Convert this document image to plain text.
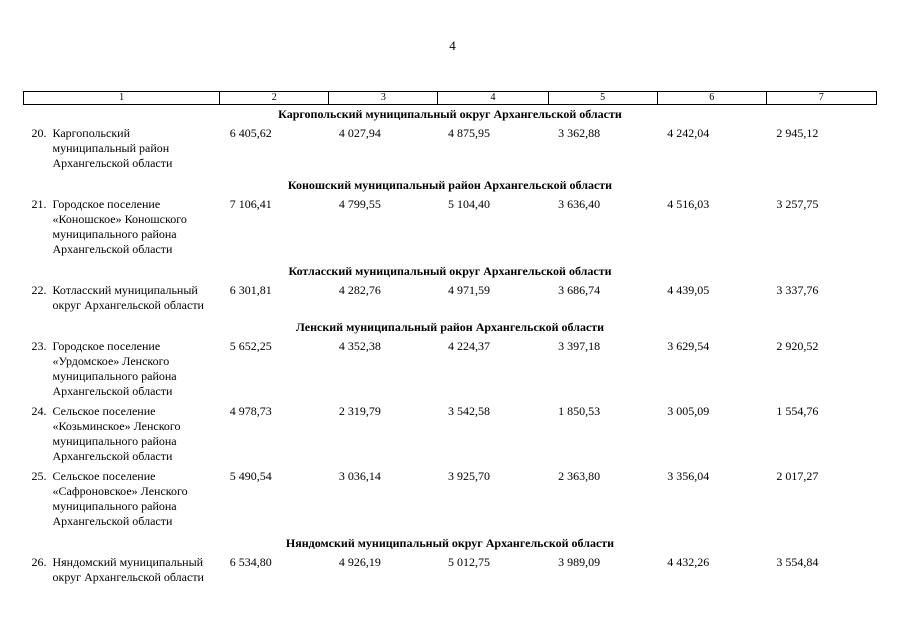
4
1	2	3	4	5	6	7
Каргопольский муниципальный округ Архангельской области						
20. Каргопольский
муниципальный район
Архангельской области	6 405,62	4 027,94	4 875,95	3 362,88	4 242,04	2 945,12
Коношский муниципальный район Архангельской области						
21. Городское поселение
«Коношское» Коношского
муниципального района
Архангельской области	7 106,41	4 799,55	5 104,40	3 636,40	4 516,03	3 257,75
Котласский муниципальный округ Архангельской области						
22. Котласский муниципальный
округ Архангельской области	6 301,81	4 282,76	4 971,59	3 686,74	4 439,05	3 337,76
Ленский муниципальный район Архангельской области						
23. Городское поселение
«Урдомское» Ленского
муниципального района
Архангельской области	5 652,25	4 352,38	4 224,37	3 397,18	3 629,54	2 920,52
24. Сельское поселение
«Козьминское» Ленского
муниципального района
Архангельской области	4 978,73	2 319,79	3 542,58	1 850,53	3 005,09	1 554,76
25. Сельское поселение
«Сафроновское» Ленского
муниципального района
Архангельской области	5 490,54	3 036,14	3 925,70	2 363,80	3 356,04	2 017,27
Няндомский муниципальный округ Архангельской области						
26. Няндомский муниципальный
округ Архангельской области	6 534,80	4 926,19	5 012,75	3 989,09	4 432,26	3 554,84
